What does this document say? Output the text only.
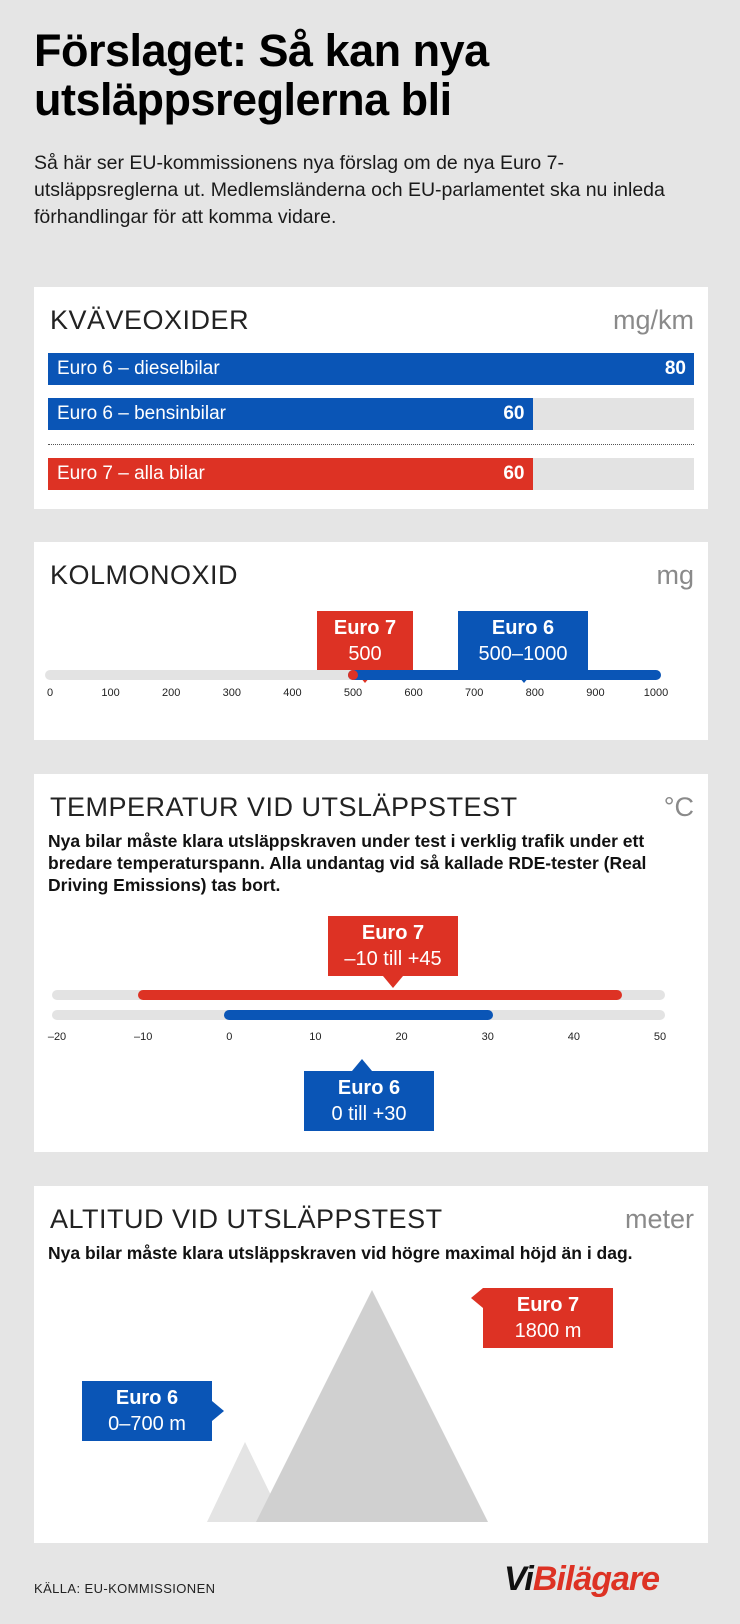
Förslaget: Så kan nya utsläppsreglerna bli
Så här ser EU-kommissionens nya förslag om de nya Euro 7-utsläppsreglerna ut. Medlemsländerna och EU-parlamentet ska nu inleda förhandlingar för att komma vidare.
KVÄVEOXIDER	mg/km
Euro 6 – dieselbilar	80
Euro 6 – bensinbilar	60
Euro 7 – alla bilar	60
KOLMONOXID	mg
Euro 7
500
Euro 6
500–1000
0	100	200	300	400	500	600	700	800	900	1000
TEMPERATUR VID UTSLÄPPSTEST	°C
Nya bilar måste klara utsläppskraven under test i verklig trafik under ett bredare temperaturspann. Alla undantag vid så kallade RDE-tester (Real Driving Emissions) tas bort.
Euro 7
–10 till +45
Euro 6
0 till +30
–20	–10	0	10	20	30	40	50
ALTITUD VID UTSLÄPPSTEST	meter
Nya bilar måste klara utsläppskraven vid högre maximal höjd än i dag.
Euro 6
0–700 m
Euro 7
1800 m
KÄLLA: EU-KOMMISSIONEN	ViBilägare
